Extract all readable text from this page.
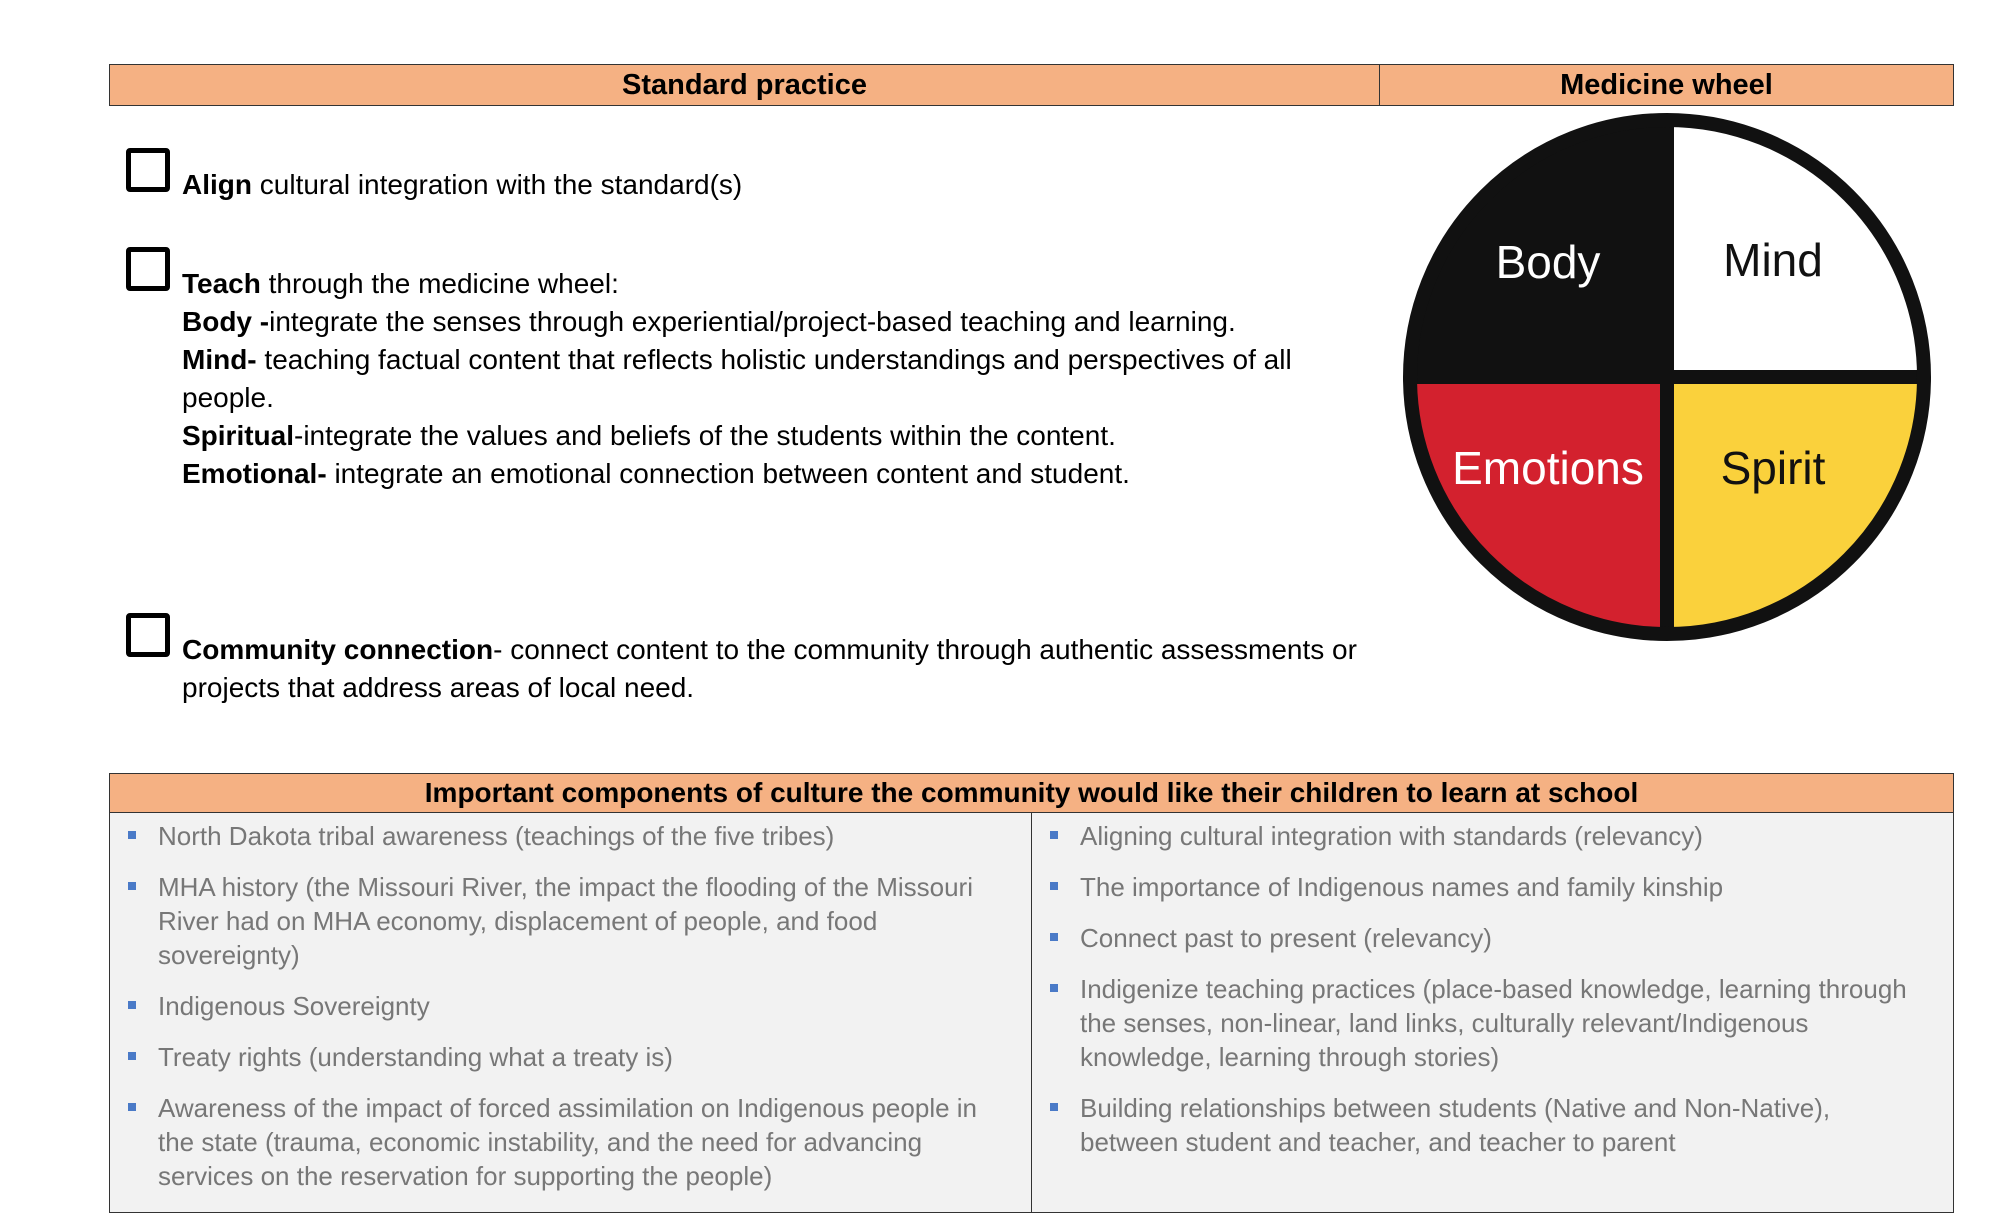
Standard practice	Medicine wheel
Align cultural integration with the standard(s)
Teach through the medicine wheel:
Body -integrate the senses through experiential/project-based teaching and learning.
Mind- teaching factual content that reflects holistic understandings and perspectives of all people.
Spiritual-integrate the values and beliefs of the students within the content.
Emotional- integrate an emotional connection between content and student.
Community connection- connect content to the community through authentic assessments or projects that address areas of local need.
Body	Mind
Emotions Spirit
Important components of culture the community would like their children to learn at school
North Dakota tribal awareness (teachings of the five tribes)
MHA history (the Missouri River, the impact the flooding of the Missouri River had on MHA economy, displacement of people, and food sovereignty)
Indigenous Sovereignty
Treaty rights (understanding what a treaty is)
Awareness of the impact of forced assimilation on Indigenous people in the state (trauma, economic instability, and the need for advancing services on the reservation for supporting the people)
Aligning cultural integration with standards (relevancy)
The importance of Indigenous names and family kinship
Connect past to present (relevancy)
Indigenize teaching practices (place-based knowledge, learning through the senses, non-linear, land links, culturally relevant/Indigenous knowledge, learning through stories)
Building relationships between students (Native and Non-Native), between student and teacher, and teacher to parent
